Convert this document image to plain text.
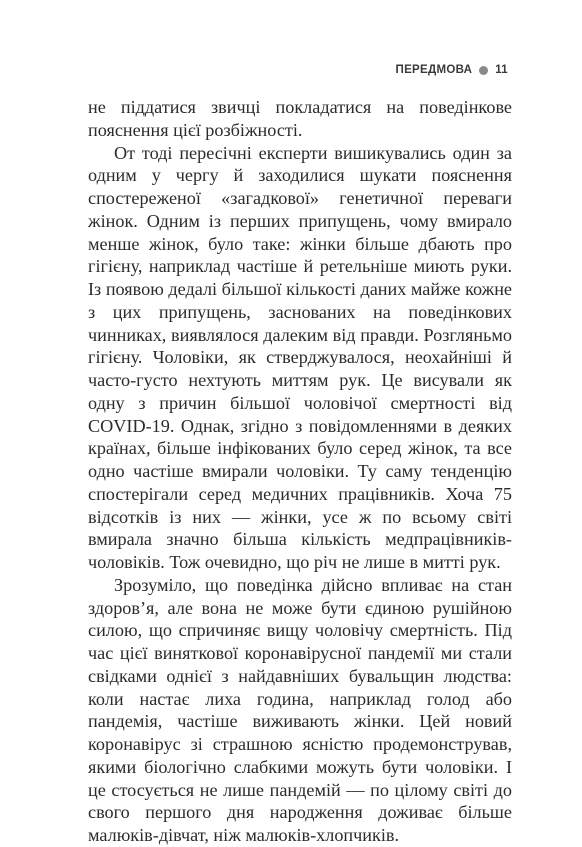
ПЕРЕДМОВА 11

не піддатися звичці покладатися на поведінкове пояснення цієї розбіжності.

От тоді пересічні експерти вишикувались один за одним у чергу й заходилися шукати пояснення спостереженої «загадкової» генетичної переваги жінок. Одним із перших припущень, чому вмирало менше жінок, було таке: жінки більше дбають про гігієну, наприклад частіше й ретельніше миють руки. Із появою дедалі більшої кількості даних майже кожне з цих припущень, заснованих на поведінкових чинниках, виявлялося далеким від правди. Розгляньмо гігієну. Чоловіки, як стверджувалося, неохайніші й часто-густо нехтують миттям рук. Це висували як одну з причин більшої чоловічої смертності від COVID-19. Однак, згідно з повідомленнями в деяких країнах, більше інфікованих було серед жінок, та все одно частіше вмирали чоловіки. Ту саму тенденцію спостерігали серед медичних працівників. Хоча 75 відсотків із них — жінки, усе ж по всьому світі вмирала значно більша кількість медпрацівників-чоловіків. Тож очевидно, що річ не лише в митті рук.

Зрозуміло, що поведінка дійсно впливає на стан здоров’я, але вона не може бути єдиною рушійною силою, що спричиняє вищу чоловічу смертність. Під час цієї виняткової коронавірусної пандемії ми стали свідками однієї з найдавніших бувальщин людства: коли настає лиха година, наприклад голод або пандемія, частіше виживають жінки. Цей новий коронавірус зі страшною ясністю продемонстрував, якими біологічно слабкими можуть бути чоловіки. І це стосується не лише пандемій — по цілому світі до свого першого дня народження доживає більше малюків-дівчат, ніж малюків-хлопчиків.
